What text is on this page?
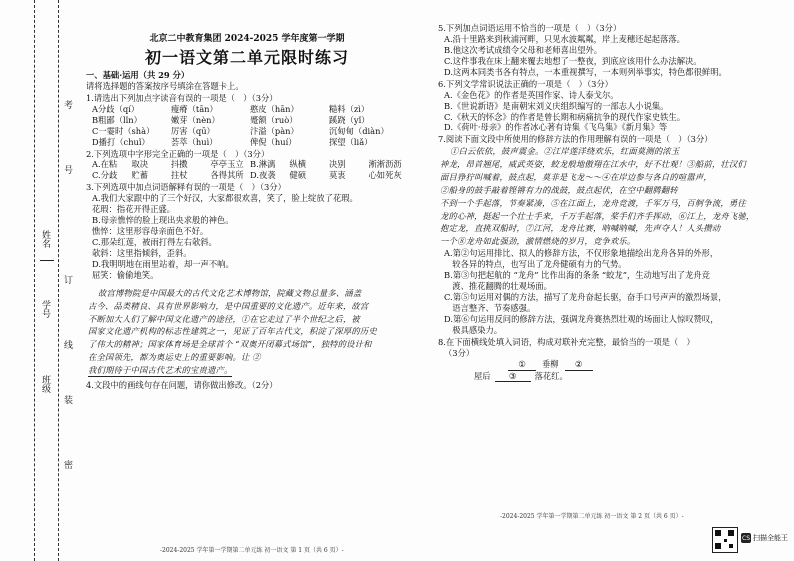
考
号
订
姓名
线
学号
装
班级
密
北京二中教育集团 2024-2025 学年度第一学期
初一语文第二单元限时练习
一、基础·运用（共 29 分）
请将选择题的答案按序号填涂在答题卡上。
1.请选出下列加点字读音有误的一项是（　）（3分）
A分歧（qí）	瘦瘠（tān）	憨皮（hān）	糙料（zì）
B粗鄙（lǐn）	嫩芽（nèn）	蹙额（ruò）	蹊跷（yǐ）
C一霎时（shà）	厉害（qū）	汴溢（pàn）	沉甸甸（diàn）
D播打（chuǐ）	荟萃（huì）	俾倪（huí）	探望（liǎ）
2.下列选项中字形完全正确的一项是（　）（3分）
A.在粘	取决	抖擞	亭亭玉立 B.淋漓	纵横	决别	淅淅沥沥
C.分歧	贮蓄	拄杖	各得其所 D.夜袭	健硕	莫衷	心如死灰
3.下列选项中加点词语解释有误的一项是（　）（3分）
A.我们大家跟中的了三个好汉，大家都很欢喜，笑了，脸上绽放了花瑕。
花瑕：指花开得正盛。
B.母亲憔悴的脸上现出央求般的神色。
憔悴：这里形容母亲面色不好。
C.那朵红莲，被雨打得左右欹斜。
欹斜：这里指倾斜，歪斜。
D.我明明地在雨里站着，却一声不响。
屈笑：偷偷地笑。
故宫博物院是中国最大的古代文化艺术博物馆，院藏文物总量多、涵盖
古今、品类精良、具有世界影响力，是中国重要的文化遗产。近年来，故宫
不断加大人们了解中国文化遗产的途径，①在它走过了半个世纪之后，被
国家文化遗产机构的标志性建筑之一，见证了百年古代文，积淀了深厚的历史
了伟大的精神；国家体育场是全球首个 “双奥开闭幕式场馆”，独特的设计和
在全国领先，都为奥运史上的重要影响。让 ②
我们期待于中国古代艺术的宝贵遗产。
4.文段中的画线句存在问题，请你做出修改。（2分）
-2024-2025 学年第一学期第二单元练 初一语文 第 1 页（共 6 页）-
5.下列加点词语运用不恰当的一项是（　）（3分）
A.沿十里路来到秋浦河畔，只见水波粼粼，岸上麦穗还起起落落。
B.他这次考试成绩令父母和老师喜出望外。
C.这件事我在床上翻来覆去地想了一整夜，到底应该用什么办法解决。
D.这两本同类书各有特点，一本重视撰写，一本则列举事实，特色都很鲜明。
6.下列文学常识说法正确的一项是（　）（3分）
A.《金色花》的作者是英国作家、诗人泰戈尔。
B.《世说新语》是南朝宋刘义庆组织编写的一部志人小说集。
C.《秋天的怀念》的作者是曾长期和病痛抗争的现代作家史铁生。
D.《荷叶·母亲》的作者冰心著有诗集《飞鸟集》《新月集》等
7.阅读下面文段中所使用的修辞方法的作用理解有误的一项是（　）（3分）
①白云依依，鼓声震金。②江岸莲洋绕欢乐，红面莫测的浓玉
神龙，昂首翘尾，威武英姿，蛟龙般地傲翔在江水中，好不壮观！③船前，壮汉们
面目狰狞叫喊着，鼓点起，莫非是飞龙～～④在岸边参与各自的喧嚣声，
②船身的鼓手敲着铿锵有力的战鼓，鼓点起伏，在空中翻腾翻转
不到一个手起落，节奏紧凑，⑤在江面上，龙舟竞渡，千军万马，百舸争流，勇往
龙的心神，挺起一个壮士手来，千万手起落，桨手们齐手挥动，⑥江上，龙舟飞驰，
抱定龙，直挑双船时，⑦江河，龙舟比赛，呐喊呐喊，先声夺人！人头攒动
一个⑧龙舟如此强劲，激情燃烧的岁月，竞争欢乐。
A.第②句运用排比、拟人的修辞方法，不仅形象地描绘出龙舟各异的外形，
　较各异的特点，也写出了龙舟健硕有力的气势。
B.第③句把起航的 “龙舟” 比作出海的条条 “蛟龙”，生动地写出了龙舟竞
　渡、推花翻腾的壮观场面。
C.第⑤句运用对偶的方法，描写了龙舟奋起长驱，奋手口号声声的激烈场景，
　语言整齐、节奏感强。
D.第⑥句运用反问的修辞方法，强调龙舟赛热烈壮观的场面让人惊叹赞叹，
　极具感染力。
8.在下面横线处填入词语，构成对联补充完整，最恰当的一项是（　）
（3分）
①	垂柳	②
屋后	③	落花红。
-2024-2025 学年第一学期第二单元练 初一语文 第 2 页（共 6 页）-
CS 扫描全能王
